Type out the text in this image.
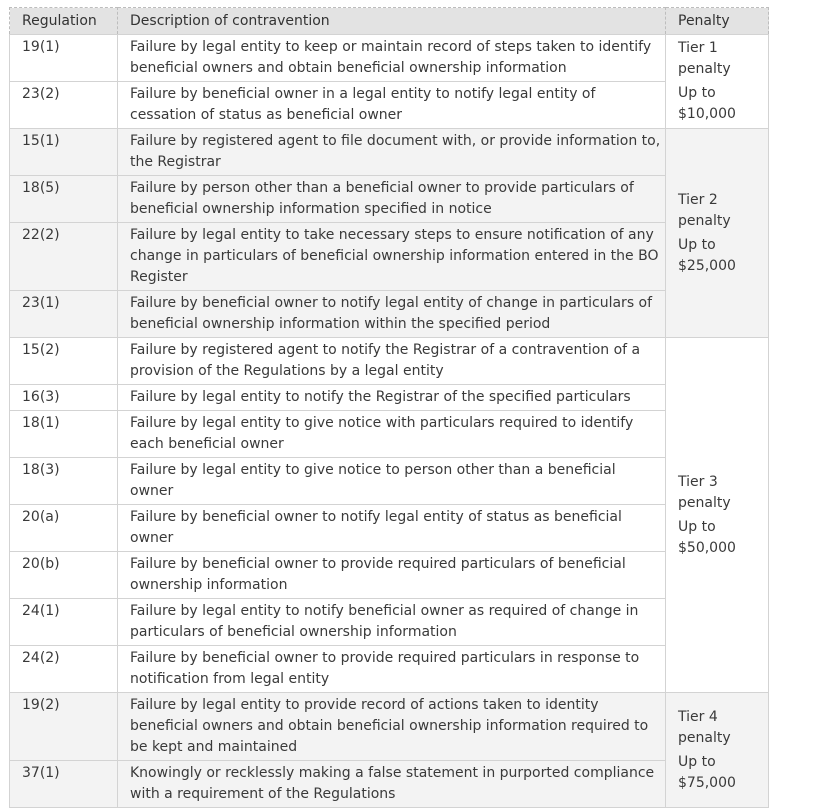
Regulation	Description of contravention	Penalty
19(1)	Failure by legal entity to keep or maintain record of steps taken to identify beneficial owners and obtain beneficial ownership information	Tier 1 penalty
Up to $10,000

23(2)	Failure by beneficial owner in a legal entity to notify legal entity of cessation of status as beneficial owner	
15(1)	Failure by registered agent to file document with, or provide information to, the Registrar	Tier 2 penalty
Up to $25,000

18(5)	Failure by person other than a beneficial owner to provide particulars of beneficial ownership information specified in notice	
22(2)	Failure by legal entity to take necessary steps to ensure notification of any change in particulars of beneficial ownership information entered in the BO Register	
23(1)	Failure by beneficial owner to notify legal entity of change in particulars of beneficial ownership information within the specified period	
15(2)	Failure by registered agent to notify the Registrar of a contravention of a provision of the Regulations by a legal entity	Tier 3 penalty
Up to $50,000

16(3)	Failure by legal entity to notify the Registrar of the specified particulars	
18(1)	Failure by legal entity to give notice with particulars required to identify each beneficial owner	
18(3)	Failure by legal entity to give notice to person other than a beneficial owner	
20(a)	Failure by beneficial owner to notify legal entity of status as beneficial owner	
20(b)	Failure by beneficial owner to provide required particulars of beneficial ownership information	
24(1)	Failure by legal entity to notify beneficial owner as required of change in particulars of beneficial ownership information	
24(2)	Failure by beneficial owner to provide required particulars in response to notification from legal entity	
19(2)	Failure by legal entity to provide record of actions taken to identity beneficial owners and obtain beneficial ownership information required to be kept and maintained	Tier 4 penalty
Up to $75,000

37(1)	Knowingly or recklessly making a false statement in purported compliance with a requirement of the Regulations	
